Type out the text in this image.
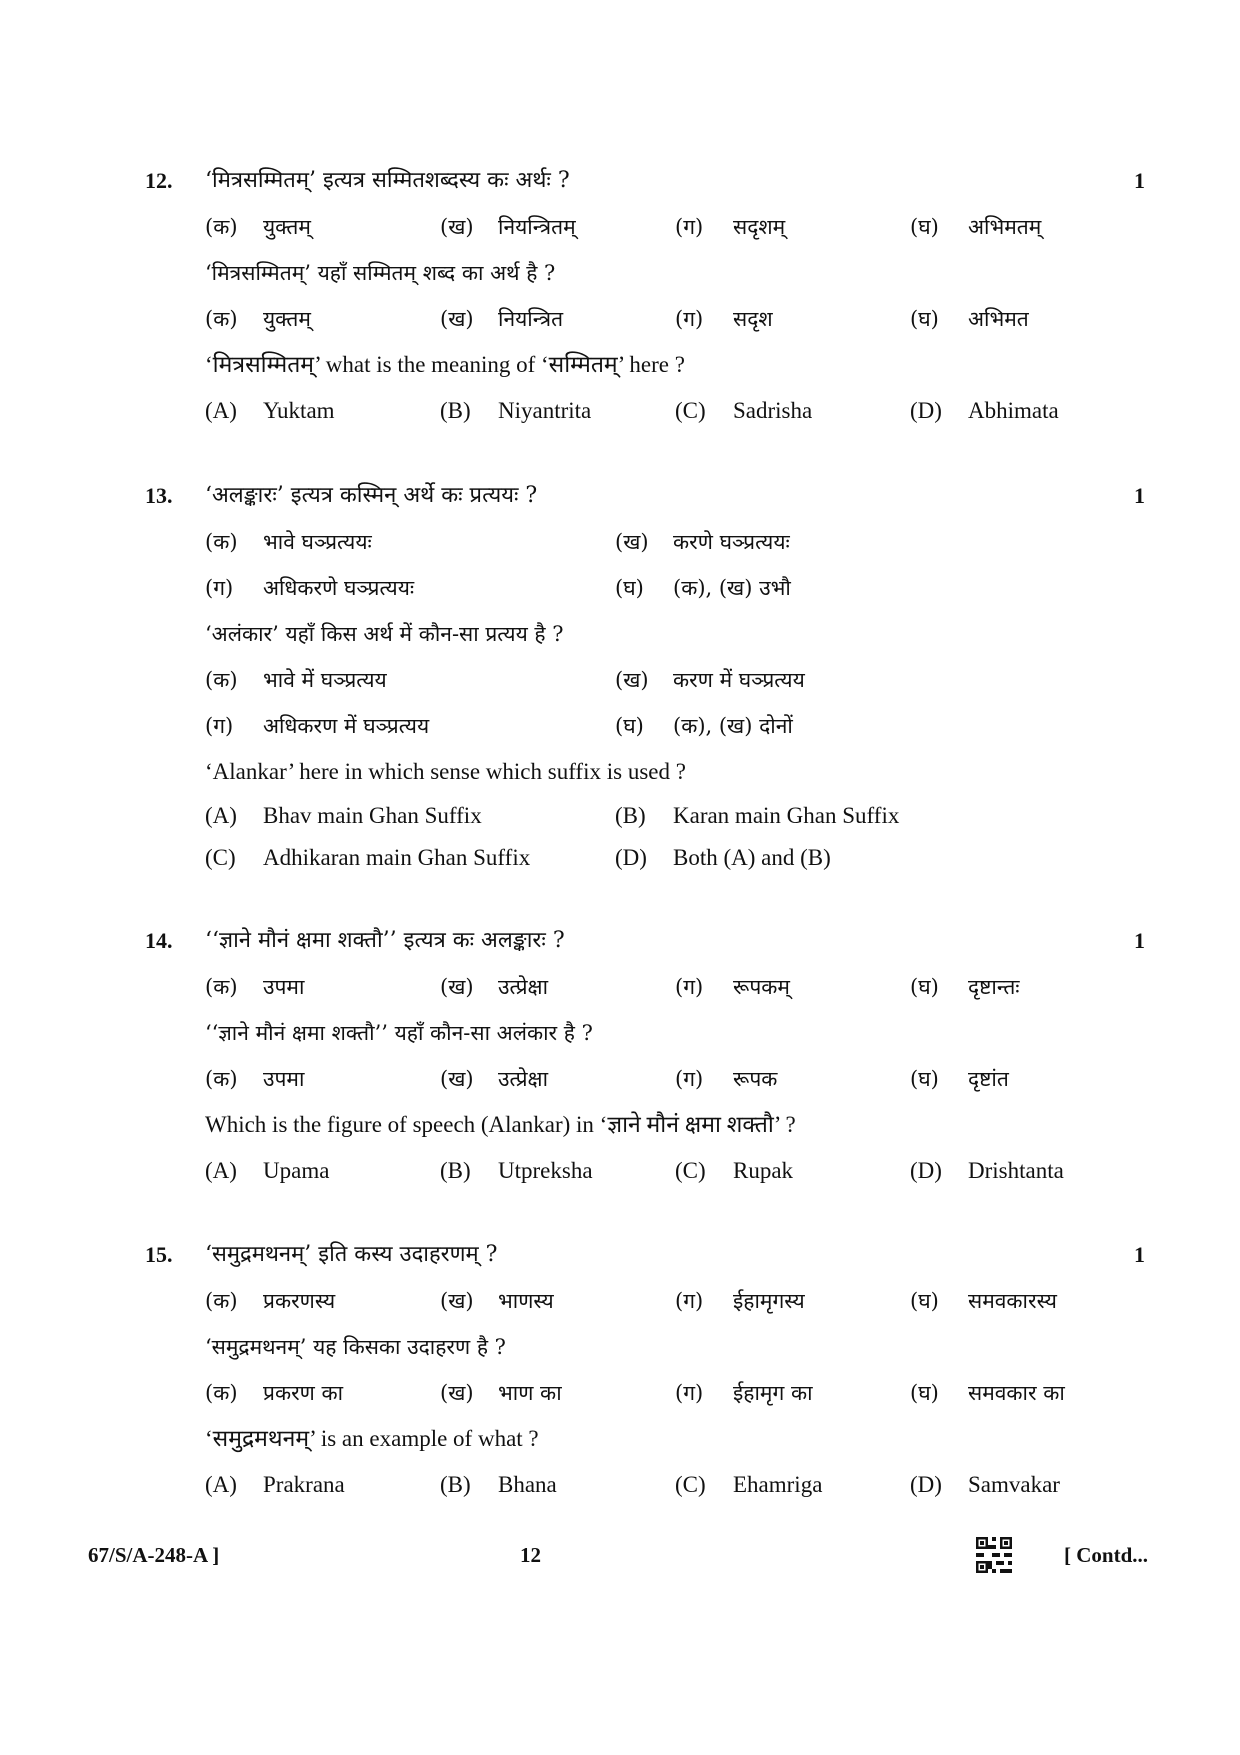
12. ‘मित्रसम्मितम्’ इत्यत्र सम्मितशब्दस्य कः अर्थः ?	1
(क) युक्तम्	(ख) नियन्त्रितम्	(ग) सदृशम्	(घ) अभिमतम्
‘मित्रसम्मितम्’ यहाँ सम्मितम् शब्द का अर्थ है ?
(क) युक्तम्	(ख) नियन्त्रित	(ग) सदृश	(घ) अभिमत
‘मित्रसम्मितम्’ what is the meaning of ‘सम्मितम्’ here ?
(A) Yuktam	(B) Niyantrita	(C) Sadrisha	(D) Abhimata
13. ‘अलङ्कारः’ इत्यत्र कस्मिन् अर्थे कः प्रत्ययः ?	1
(क) भावे घञ्प्रत्ययः	(ख) करणे घञ्प्रत्ययः
(ग) अधिकरणे घञ्प्रत्ययः	(घ) (क), (ख) उभौ
‘अलंकार’ यहाँ किस अर्थ में कौन-सा प्रत्यय है ?
(क) भावे में घञ्प्रत्यय	(ख) करण में घञ्प्रत्यय
(ग) अधिकरण में घञ्प्रत्यय	(घ) (क), (ख) दोनों
‘Alankar’ here in which sense which suffix is used ?
(A) Bhav main Ghan Suffix	(B) Karan main Ghan Suffix
(C) Adhikaran main Ghan Suffix	(D) Both (A) and (B)
14. ‘‘ज्ञाने मौनं क्षमा शक्तौ’’ इत्यत्र कः अलङ्कारः ?	1
(क) उपमा	(ख) उत्प्रेक्षा	(ग) रूपकम्	(घ) दृष्टान्तः
‘‘ज्ञाने मौनं क्षमा शक्तौ’’ यहाँ कौन-सा अलंकार है ?
(क) उपमा	(ख) उत्प्रेक्षा	(ग) रूपक	(घ) दृष्टांत
Which is the figure of speech (Alankar) in ‘ज्ञाने मौनं क्षमा शक्तौ’ ?
(A) Upama	(B) Utpreksha	(C) Rupak	(D) Drishtanta
15. ‘समुद्रमथनम्’ इति कस्य उदाहरणम् ?	1
(क) प्रकरणस्य	(ख) भाणस्य	(ग) ईहामृगस्य	(घ) समवकारस्य
‘समुद्रमथनम्’ यह किसका उदाहरण है ?
(क) प्रकरण का	(ख) भाण का	(ग) ईहामृग का	(घ) समवकार का
‘समुद्रमथनम्’ is an example of what ?
(A) Prakrana	(B) Bhana	(C) Ehamriga	(D) Samvakar
67/S/A-248-A ]	12	[ Contd...
